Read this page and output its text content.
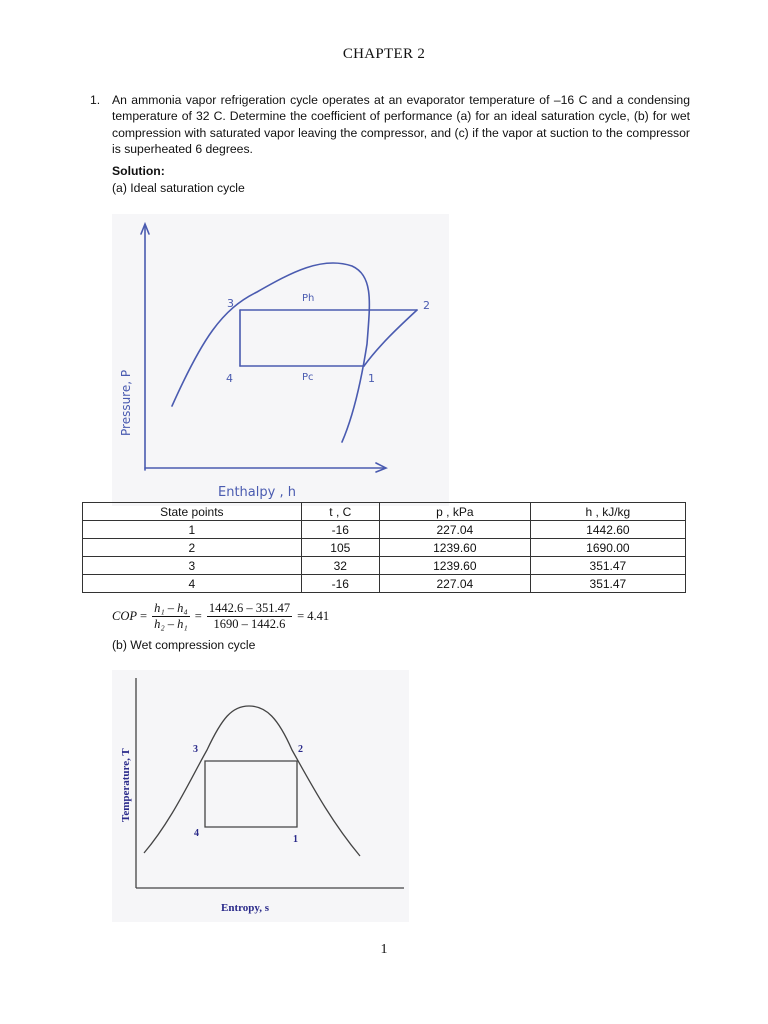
CHAPTER 2
1. An ammonia vapor refrigeration cycle operates at an evaporator temperature of –16 C and a condensing temperature of 32 C. Determine the coefficient of performance (a) for an ideal saturation cycle, (b) for wet compression with saturated vapor leaving the compressor, and (c) if the vapor at suction to the compressor is superheated 6 degrees.
Solution:
(a) Ideal saturation cycle
Pressure, P
Enthalpy , h
3	2
4	1
Ph
Pc
State points	t , C	p , kPa	h , kJ/kg
1	-16	227.04	1442.60
2	105	1239.60	1690.00
3	32	1239.60	351.47
4	-16	227.04	351.47
COP = $\frac{\text{h₁ – h₄}}{\text{h₂ – h₁}} = \frac{1442.6 - 351.47}{1690 - 1442.6} = 4.41$
(b) Wet compression cycle
Temperature, T
Entropy, s
3	2
4
1
1
